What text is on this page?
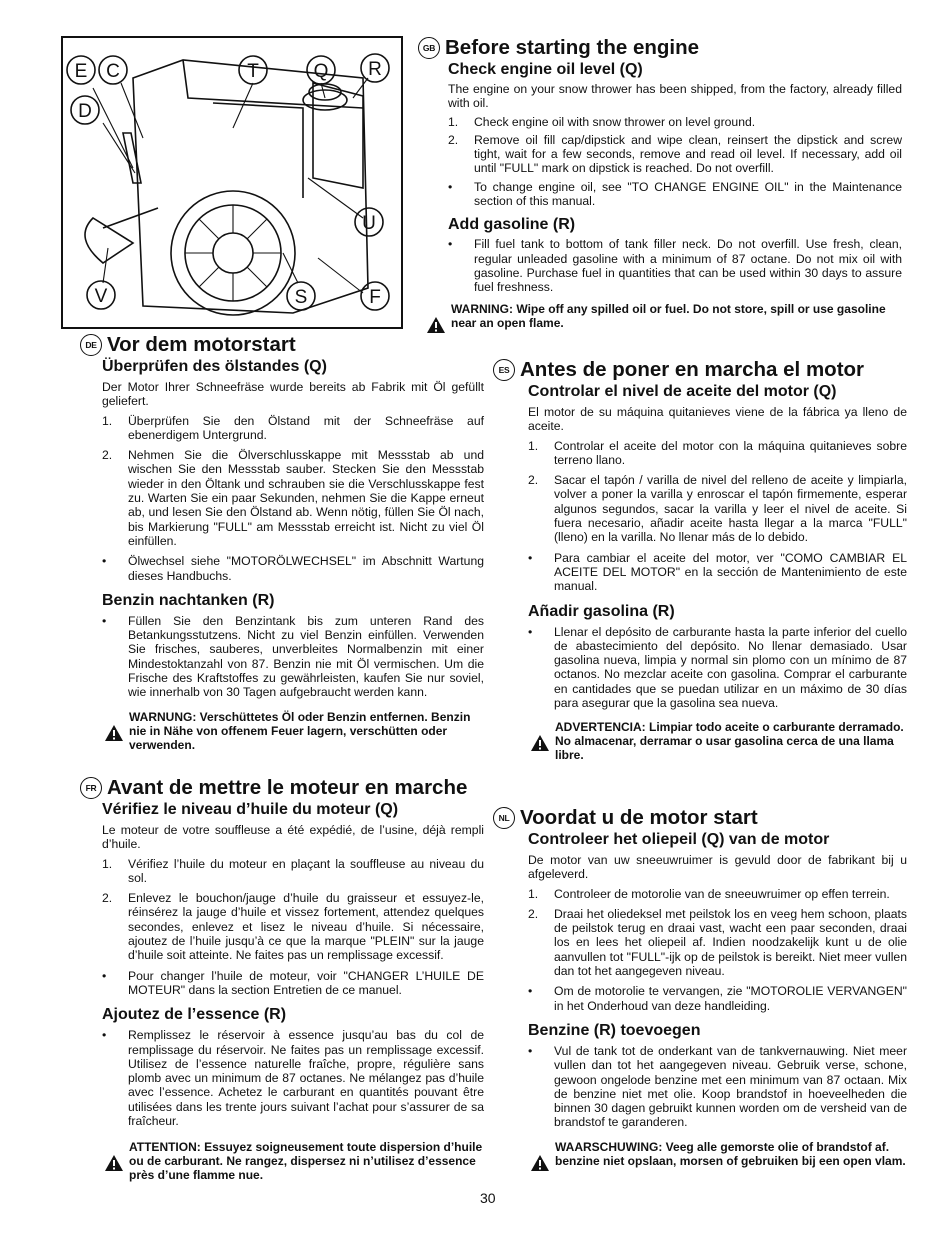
E C	T	Q R
D
U
V	S	F
GB Before starting the engine
Check engine oil level (Q)

The engine on your snow thrower has been shipped, from the factory, already filled with oil.

1. Check engine oil with snow thrower on level ground.
2. Remove oil fill cap/dipstick and wipe clean, reinsert the dipstick and screw tight, wait for a few seconds, remove and read oil level. If necessary, add oil until "FULL" mark on dipstick is reached. Do not overfill.
• To change engine oil, see "TO CHANGE ENGINE OIL" in the Maintenance section of this manual.
Add gasoline (R)
• Fill fuel tank to bottom of tank filler neck. Do not overfill. Use fresh, clean, regular unleaded gasoline with a minimum of 87 octane. Do not mix oil with gasoline. Purchase fuel in quantities that can be used within 30 days to assure fuel freshness.
WARNING: Wipe off any spilled oil or fuel. Do not store, spill or use gasoline near an open flame.
DE Vor dem motorstart
Überprüfen des ölstandes (Q)

Der Motor Ihrer Schneefräse wurde bereits ab Fabrik mit Öl gefüllt geliefert.

1. Überprüfen Sie den Ölstand mit der Schneefräse auf ebenerdigem Untergrund.
2. Nehmen Sie die Ölverschlusskappe mit Messstab ab und wischen Sie den Messstab sauber. Stecken Sie den Messstab wieder in den Öltank und schrauben sie die Verschlusskappe fest zu. Warten Sie ein paar Sekunden, nehmen Sie die Kappe erneut ab, und lesen Sie den Ölstand ab. Wenn nötig, füllen Sie Öl nach, bis Markierung "FULL" am Messstab erreicht ist. Nicht zu viel Öl einfüllen.
• Ölwechsel siehe "MOTORÖLWECHSEL" im Abschnitt Wartung dieses Handbuchs.
Benzin nachtanken (R)
• Füllen Sie den Benzintank bis zum unteren Rand des Betankungsstutzens. Nicht zu viel Benzin einfüllen. Verwenden Sie frisches, sauberes, unverbleites Normalbenzin mit einer Mindestoktanzahl von 87. Benzin nie mit Öl vermischen. Um die Frische des Kraftstoffes zu gewährleisten, kaufen Sie nur soviel, wie innerhalb von 30 Tagen aufgebraucht werden kann.
WARNUNG: Verschüttetes Öl oder Benzin entfernen. Benzin nie in Nähe von offenem Feuer lagern, verschütten oder verwenden.
ES Antes de poner en marcha el motor
Controlar el nivel de aceite del motor (Q)

El motor de su máquina quitanieves viene de la fábrica ya lleno de aceite.

1. Controlar el aceite del motor con la máquina quitanieves sobre terreno llano.
2. Sacar el tapón / varilla de nivel del relleno de aceite y limpiarla, volver a poner la varilla y enroscar el tapón firmemente, esperar algunos segundos, sacar la varilla y leer el nivel de aceite. Si fuera necesario, añadir aceite hasta llegar a la marca "FULL" (lleno) en la varilla. No llenar más de lo debido.
• Para cambiar el aceite del motor, ver "COMO CAMBIAR EL ACEITE DEL MOTOR" en la sección de Mantenimiento de este manual.
Añadir gasolina (R)
• Llenar el depósito de carburante hasta la parte inferior del cuello de abastecimiento del depósito. No llenar demasiado. Usar gasolina nueva, limpia y normal sin plomo con un mínimo de 87 octanos. No mezclar aceite con gasolina. Comprar el carburante en cantidades que se puedan utilizar en un máximo de 30 días para asegurar que la gasolina sea nueva.
ADVERTENCIA: Limpiar todo aceite o carburante derramado. No almacenar, derramar o usar gasolina cerca de una llama libre.
FR Avant de mettre le moteur en marche
Vérifiez le niveau d’huile du moteur (Q)

Le moteur de votre souffleuse a été expédié, de l’usine, déjà rempli d’huile.

1. Vérifiez l’huile du moteur en plaçant la souffleuse au niveau du sol.
2. Enlevez le bouchon/jauge d’huile du graisseur et essuyez-le, réinsérez la jauge d’huile et vissez fortement, attendez quelques secondes, enlevez et lisez le niveau d’huile. Si nécessaire, ajoutez de l’huile jusqu’à ce que la marque "PLEIN" sur la jauge d’huile soit atteinte. Ne faites pas un remplissage excessif.
• Pour changer l’huile de moteur, voir "CHANGER L’HUILE DE MOTEUR" dans la section Entretien de ce manuel.
Ajoutez de l’essence (R)
• Remplissez le réservoir à essence jusqu’au bas du col de remplissage du réservoir. Ne faites pas un remplissage excessif. Utilisez de l’essence naturelle fraîche, propre, régulière sans plomb avec un minimum de 87 octanes. Ne mélangez pas d’huile avec l’essence. Achetez le carburant en quantités pouvant être utilisées dans les trente jours suivant l’achat pour s’assurer de sa fraîcheur.
ATTENTION: Essuyez soigneusement toute dispersion d’huile ou de carburant. Ne rangez, dispersez ni n’utilisez d’essence près d’une flamme nue.
NL Voordat u de motor start
Controleer het oliepeil (Q) van de motor

De motor van uw sneeuwruimer is gevuld door de fabrikant bij u afgeleverd.

1. Controleer de motorolie van de sneeuwruimer op effen terrein.
2. Draai het oliedeksel met peilstok los en veeg hem schoon, plaats de peilstok terug en draai vast, wacht een paar seconden, draai los en lees het oliepeil af. Indien noodzakelijk kunt u de olie aanvullen tot "FULL"-ijk op de peilstok is bereikt. Niet meer vullen dan tot het aangegeven niveau.
• Om de motorolie te vervangen, zie "MOTOROLIE VERVANGEN" in het Onderhoud van deze handleiding.
Benzine (R) toevoegen
• Vul de tank tot de onderkant van de tankvernauwing. Niet meer vullen dan tot het aangegeven niveau. Gebruik verse, schone, gewoon ongelode benzine met een minimum van 87 octaan. Mix de benzine niet met olie. Koop brandstof in hoeveelheden die binnen 30 dagen gebruikt kunnen worden om de versheid van de brandstof te garanderen.
WAARSCHUWING: Veeg alle gemorste olie of brandstof af. benzine niet opslaan, morsen of gebruiken bij een open vlam.
30
